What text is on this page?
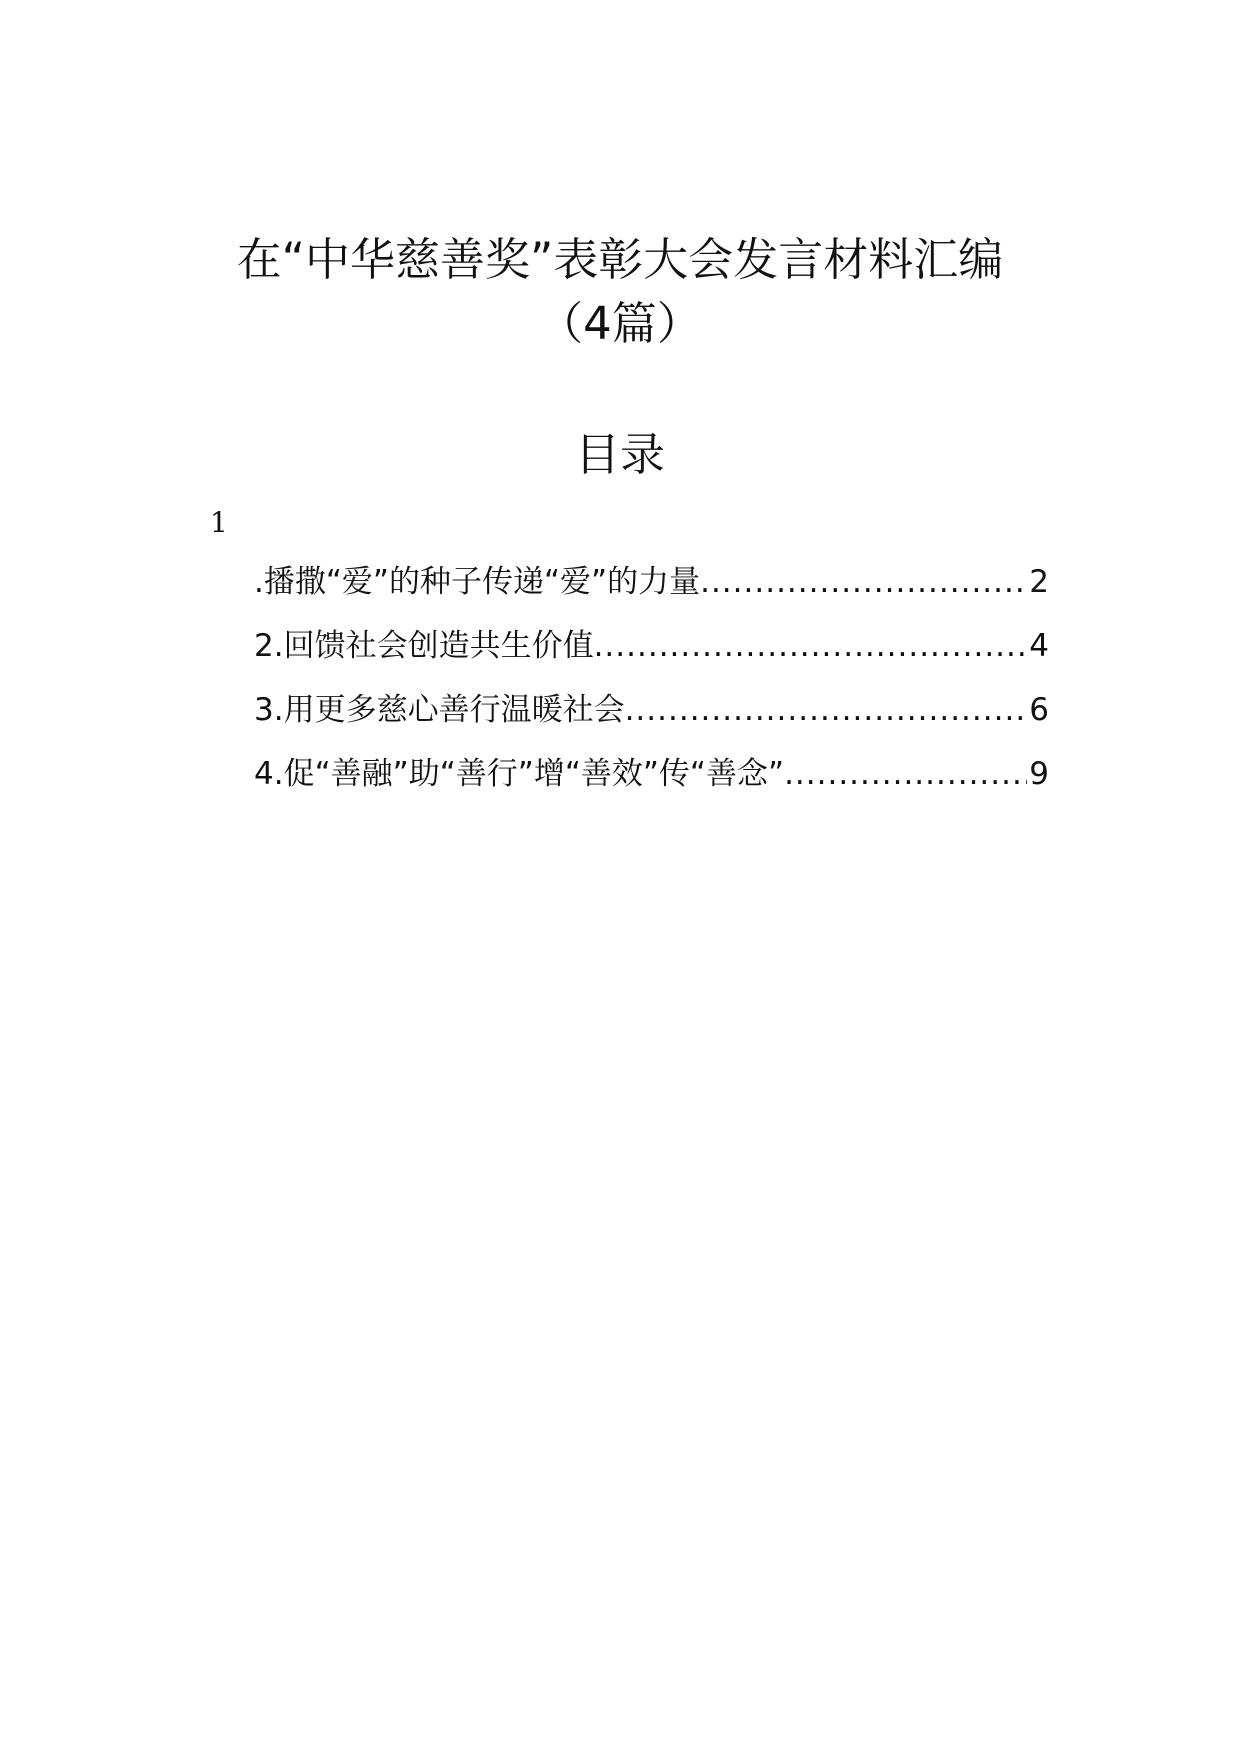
在“中华慈善奖”表彰大会发言材料汇编
（4篇）
目录
1
.播撒“爱”的种子传递“爱”的力量 .....	2
2.回馈社会创造共生价值 .....	4
3.用更多慈心善行温暖社会 .....	6
4.促“善融”助“善行”增“善效”传“善念” .....	9
